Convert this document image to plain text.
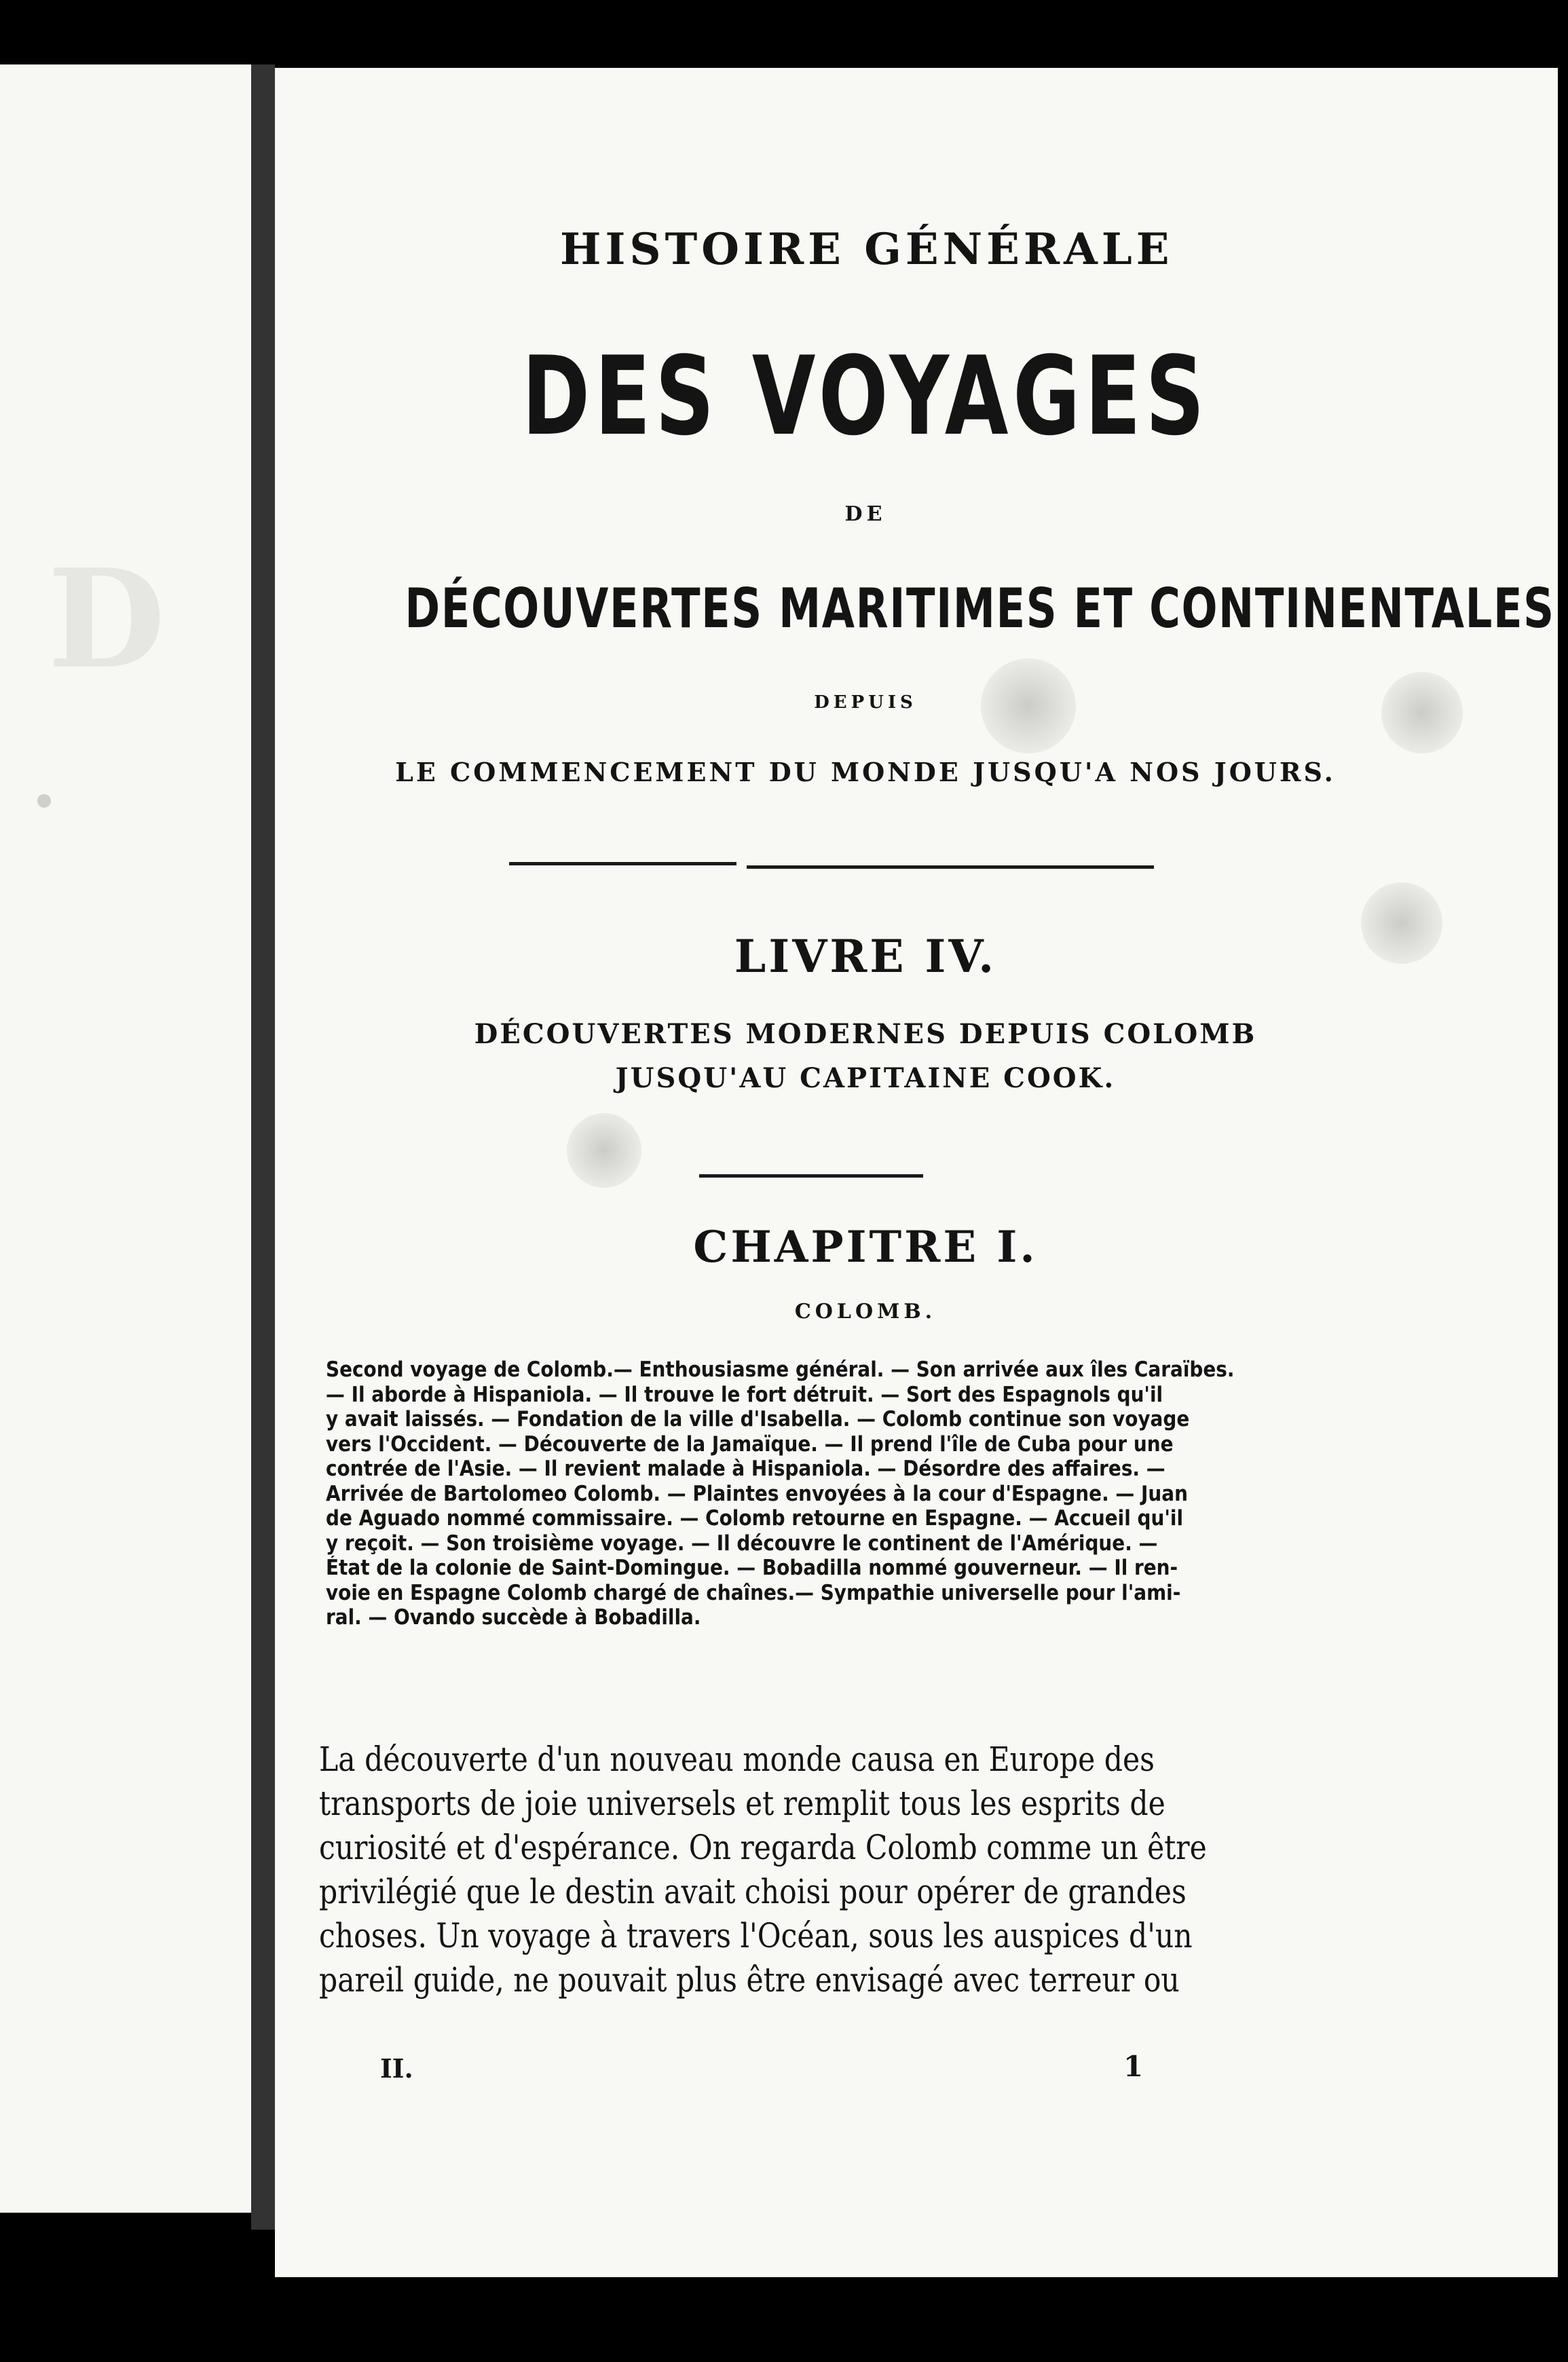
D
HISTOIRE GÉNÉRALE
DES VOYAGES
DE
DÉCOUVERTES MARITIMES ET CONTINENTALES
DEPUIS
LE COMMENCEMENT DU MONDE JUSQU'A NOS JOURS.
LIVRE IV.
DÉCOUVERTES MODERNES DEPUIS COLOMB
JUSQU'AU CAPITAINE COOK.
CHAPITRE I.
COLOMB.
Second voyage de Colomb.— Enthousiasme général. — Son arrivée aux îles Caraïbes.
— Il aborde à Hispaniola. — Il trouve le fort détruit. — Sort des Espagnols qu'il
y avait laissés. — Fondation de la ville d'Isabella. — Colomb continue son voyage
vers l'Occident. — Découverte de la Jamaïque. — Il prend l'île de Cuba pour une
contrée de l'Asie. — Il revient malade à Hispaniola. — Désordre des affaires. —
Arrivée de Bartolomeo Colomb. — Plaintes envoyées à la cour d'Espagne. — Juan
de Aguado nommé commissaire. — Colomb retourne en Espagne. — Accueil qu'il
y reçoit. — Son troisième voyage. — Il découvre le continent de l'Amérique. —
État de la colonie de Saint-Domingue. — Bobadilla nommé gouverneur. — Il ren-
voie en Espagne Colomb chargé de chaînes.— Sympathie universelle pour l'ami-
ral. — Ovando succède à Bobadilla.
La découverte d'un nouveau monde causa en Europe des
transports de joie universels et remplit tous les esprits de
curiosité et d'espérance. On regarda Colomb comme un être
privilégié que le destin avait choisi pour opérer de grandes
choses. Un voyage à travers l'Océan, sous les auspices d'un
pareil guide, ne pouvait plus être envisagé avec terreur ou
II.	1
